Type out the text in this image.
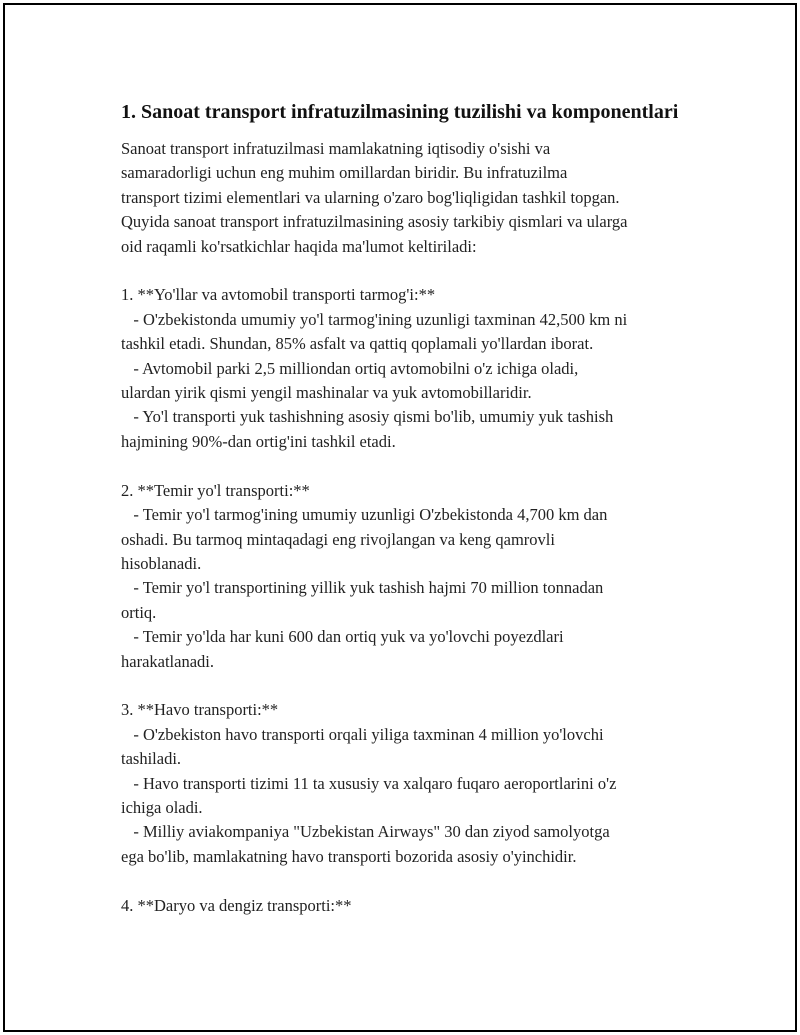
1. Sanoat transport infratuzilmasining tuzilishi va komponentlari
Sanoat transport infratuzilmasi mamlakatning iqtisodiy o'sishi va
samaradorligi uchun eng muhim omillardan biridir. Bu infratuzilma
transport tizimi elementlari va ularning o'zaro bog'liqligidan tashkil topgan.
Quyida sanoat transport infratuzilmasining asosiy tarkibiy qismlari va ularga
oid raqamli ko'rsatkichlar haqida ma'lumot keltiriladi:

1. **Yo'llar va avtomobil transporti tarmog'i:**
- O'zbekistonda umumiy yo'l tarmog'ining uzunligi taxminan 42,500 km ni
tashkil etadi. Shundan, 85% asfalt va qattiq qoplamali yo'llardan iborat.
- Avtomobil parki 2,5 milliondan ortiq avtomobilni o'z ichiga oladi,
ulardan yirik qismi yengil mashinalar va yuk avtomobillaridir.
- Yo'l transporti yuk tashishning asosiy qismi bo'lib, umumiy yuk tashish
hajmining 90%-dan ortig'ini tashkil etadi.

2. **Temir yo'l transporti:**
- Temir yo'l tarmog'ining umumiy uzunligi O'zbekistonda 4,700 km dan
oshadi. Bu tarmoq mintaqadagi eng rivojlangan va keng qamrovli
hisoblanadi.
- Temir yo'l transportining yillik yuk tashish hajmi 70 million tonnadan
ortiq.
- Temir yo'lda har kuni 600 dan ortiq yuk va yo'lovchi poyezdlari
harakatlanadi.

3. **Havo transporti:**
- O'zbekiston havo transporti orqali yiliga taxminan 4 million yo'lovchi
tashiladi.
- Havo transporti tizimi 11 ta xususiy va xalqaro fuqaro aeroportlarini o'z
ichiga oladi.
- Milliy aviakompaniya "Uzbekistan Airways" 30 dan ziyod samolyotga
ega bo'lib, mamlakatning havo transporti bozorida asosiy o'yinchidir.

4. **Daryo va dengiz transporti:**
